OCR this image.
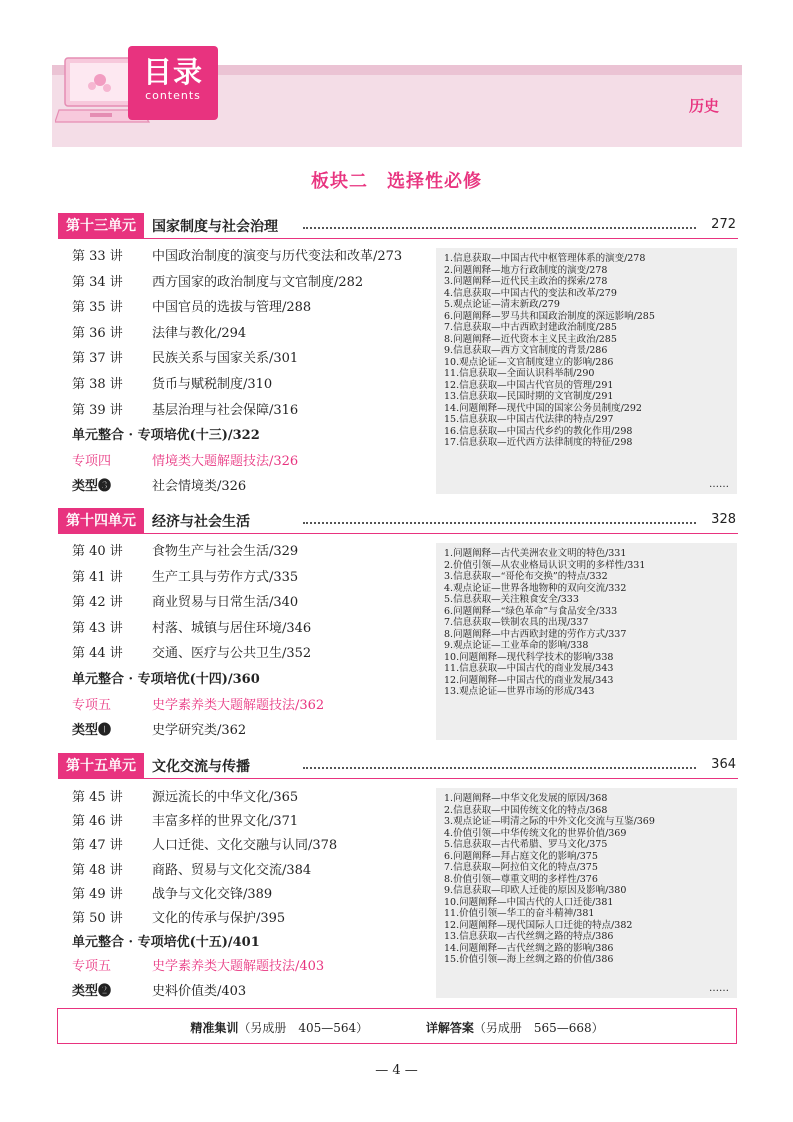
目录
contents
历史
板块二　选择性必修
第十三单元	国家制度与社会治理	272
第 33 讲 中国政治制度的演变与历代变法和改革/273
第 34 讲 西方国家的政治制度与文官制度/282
第 35 讲 中国官员的选拔与管理/288
第 36 讲 法律与教化/294
第 37 讲 民族关系与国家关系/301
第 38 讲 货币与赋税制度/310
第 39 讲 基层治理与社会保障/316
单元整合 · 专项培优(十三)/322
专项四	情境类大题解题技法/326
类型❸	社会情境类/326
1.信息获取—中国古代中枢管理体系的演变/278
2.问题阐释—地方行政制度的演变/278
3.问题阐释—近代民主政治的探索/278
4.信息获取—中国古代的变法和改革/279
5.观点论证—清末新政/279
6.问题阐释—罗马共和国政治制度的深远影响/285
7.信息获取—中古西欧封建政治制度/285
8.问题阐释—近代资本主义民主政治/285
9.信息获取—西方文官制度的背景/286
10.观点论证—文官制度建立的影响/286
11.信息获取—全面认识科举制/290
12.信息获取—中国古代官员的管理/291
13.信息获取—民国时期的文官制度/291
14.问题阐释—现代中国的国家公务员制度/292
15.信息获取—中国古代法律的特点/297
16.信息获取—中国古代乡约的教化作用/298
17.信息获取—近代西方法律制度的特征/298
……
第十四单元	经济与社会生活	328
第 40 讲 食物生产与社会生活/329
第 41 讲 生产工具与劳作方式/335
第 42 讲 商业贸易与日常生活/340
第 43 讲 村落、城镇与居住环境/346
第 44 讲 交通、医疗与公共卫生/352
单元整合 · 专项培优(十四)/360
专项五	史学素养类大题解题技法/362
类型❶	史学研究类/362
1.问题阐释—古代美洲农业文明的特色/331
2.价值引领—从农业格局认识文明的多样性/331
3.信息获取—“哥伦布交换”的特点/332
4.观点论证—世界各地物种的双向交流/332
5.信息获取—关注粮食安全/333
6.问题阐释—“绿色革命”与食品安全/333
7.信息获取—铁制农具的出现/337
8.问题阐释—中古西欧封建的劳作方式/337
9.观点论证—工业革命的影响/338
10.问题阐释—现代科学技术的影响/338
11.信息获取—中国古代的商业发展/343
12.问题阐释—中国古代的商业发展/343
13.观点论证—世界市场的形成/343
第十五单元	文化交流与传播	364
第 45 讲 源远流长的中华文化/365
第 46 讲 丰富多样的世界文化/371
第 47 讲 人口迁徙、文化交融与认同/378
第 48 讲 商路、贸易与文化交流/384
第 49 讲 战争与文化交锋/389
第 50 讲 文化的传承与保护/395
单元整合 · 专项培优(十五)/401
专项五	史学素养类大题解题技法/403
类型❷	史料价值类/403
1.问题阐释—中华文化发展的原因/368
2.信息获取—中国传统文化的特点/368
3.观点论证—明清之际的中外文化交流与互鉴/369
4.价值引领—中华传统文化的世界价值/369
5.信息获取—古代希腊、罗马文化/375
6.问题阐释—拜占庭文化的影响/375
7.信息获取—阿拉伯文化的特点/375
8.价值引领—尊重文明的多样性/376
9.信息获取—印欧人迁徙的原因及影响/380
10.问题阐释—中国古代的人口迁徙/381
11.价值引领—华工的奋斗精神/381
12.问题阐释—现代国际人口迁徙的特点/382
13.信息获取—古代丝绸之路的特点/386
14.问题阐释—古代丝绸之路的影响/386
15.价值引领—海上丝绸之路的价值/386
……
精准集训（另成册　405—564）	详解答案（另成册　565—668）
— 4 —
